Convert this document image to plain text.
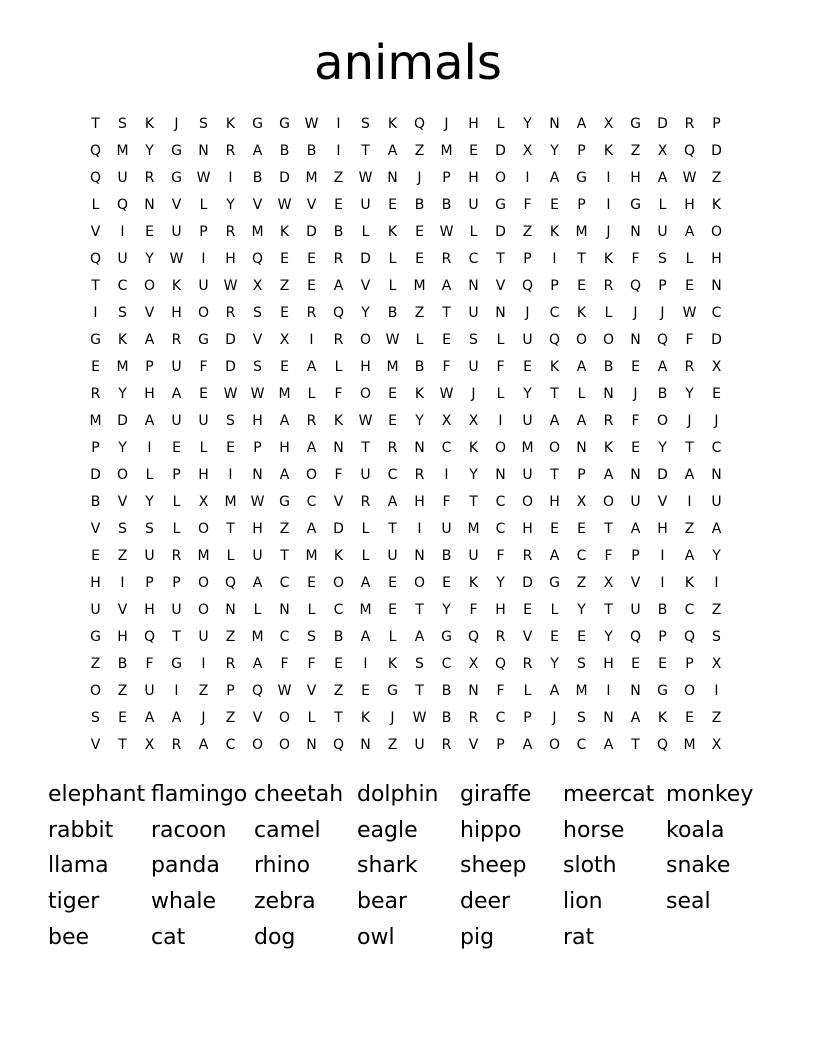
animals
T	S	K	J	S	K	G	G	W	I	S	K	Q	J	H	L	Y	N	A	X	G	D	R	P
Q	M	Y	G	N	R	A	B	B	I	T	A	Z	M	E	D	X	Y	P	K	Z	X	Q	D
Q	U	R	G	W	I	B	D	M	Z	W	N	J	P	H	O	I	A	G	I	H	A	W	Z
L	Q	N	V	L	Y	V	W	V	E	U	E	B	B	U	G	F	E	P	I	G	L	H	K
V	I	E	U	P	R	M	K	D	B	L	K	E	W	L	D	Z	K	M	J	N	U	A	O
Q	U	Y	W	I	H	Q	E	E	R	D	L	E	R	C	T	P	I	T	K	F	S	L	H
T	C	O	K	U	W	X	Z	E	A	V	L	M	A	N	V	Q	P	E	R	Q	P	E	N
I	S	V	H	O	R	S	E	R	Q	Y	B	Z	T	U	N	J	C	K	L	J	J	W	C
G	K	A	R	G	D	V	X	I	R	O	W	L	E	S	L	U	Q	O	O	N	Q	F	D
E	M	P	U	F	D	S	E	A	L	H	M	B	F	U	F	E	K	A	B	E	A	R	X
R	Y	H	A	E	W W	M	L	F	O	E	K	W	J	L	Y	T	L	N	J	B	Y	E
M	D	A	U	U	S	H	A	R	K	W	E	Y	X	X	I	U	A	A	R	F	O	J	J
P	Y	I	E	L	E	P	H	A	N	T	R	N	C	K	O	M	O	N	K	E	Y	T	C
D	O	L	P	H	I	N	A	O	F	U	C	R	I	Y	N	U	T	P	A	N	D	A	N
B	V	Y	L	X	M	W	G	C	V	R	A	H	F	T	C	O	H	X	O	U	V	I	U
V	S	S	L	O	T	H	Z	A	D	L	T	I	U	M	C	H	E	E	T	A	H	Z	A
E	Z	U	R	M	L	U	T	M	K	L	U	N	B	U	F	R	A	C	F	P	I	A	Y
H	I	P	P	O	Q	A	C	E	O	A	E	O	E	K	Y	D	G	Z	X	V	I	K	I
U	V	H	U	O	N	L	N	L	C	M	E	T	Y	F	H	E	L	Y	T	U	B	C	Z
G	H	Q	T	U	Z	M	C	S	B	A	L	A	G	Q	R	V	E	E	Y	Q	P	Q	S
Z	B	F	G	I	R	A	F	F	E	I	K	S	C	X	Q	R	Y	S	H	E	E	P	X
O	Z	U	I	Z	P	Q	W	V	Z	E	G	T	B	N	F	L	A	M	I	N	G	O	I
S	E	A	A	J	Z	V	O	L	T	K	J	W	B	R	C	P	J	S	N	A	K	E	Z
V	T	X	R	A	C	O	O	N	Q	N	Z	U	R	V	P	A	O	C	A	T	Q	M	X
elephant flamingo cheetah dolphin giraffe	meercat monkey
rabbit	racoon	camel	eagle	hippo	horse	koala
llama	panda	rhino	shark	sheep	sloth	snake
tiger	whale	zebra	bear	deer	lion	seal
bee	cat	dog	owl	pig	rat
